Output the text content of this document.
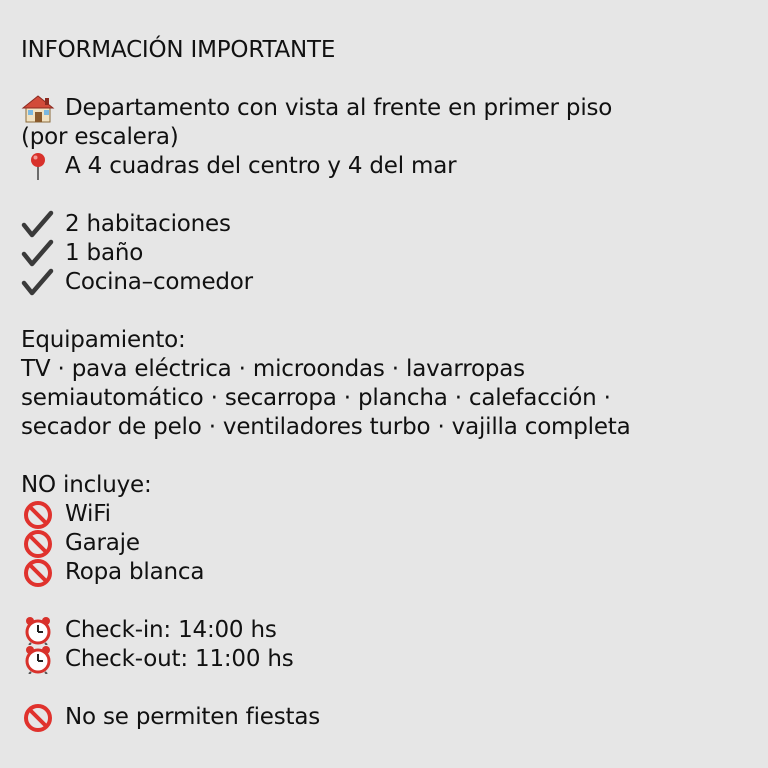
INFORMACIÓN IMPORTANTE
Departamento con vista al frente en primer piso
(por escalera)
A 4 cuadras del centro y 4 del mar
2 habitaciones
1 baño
Cocina–comedor
Equipamiento:
TV · pava eléctrica · microondas · lavarropas
semiautomático · secarropa · plancha · calefacción ·
secador de pelo · ventiladores turbo · vajilla completa
NO incluye:
WiFi
Garaje
Ropa blanca
Check-in: 14:00 hs
Check-out: 11:00 hs
No se permiten fiestas
